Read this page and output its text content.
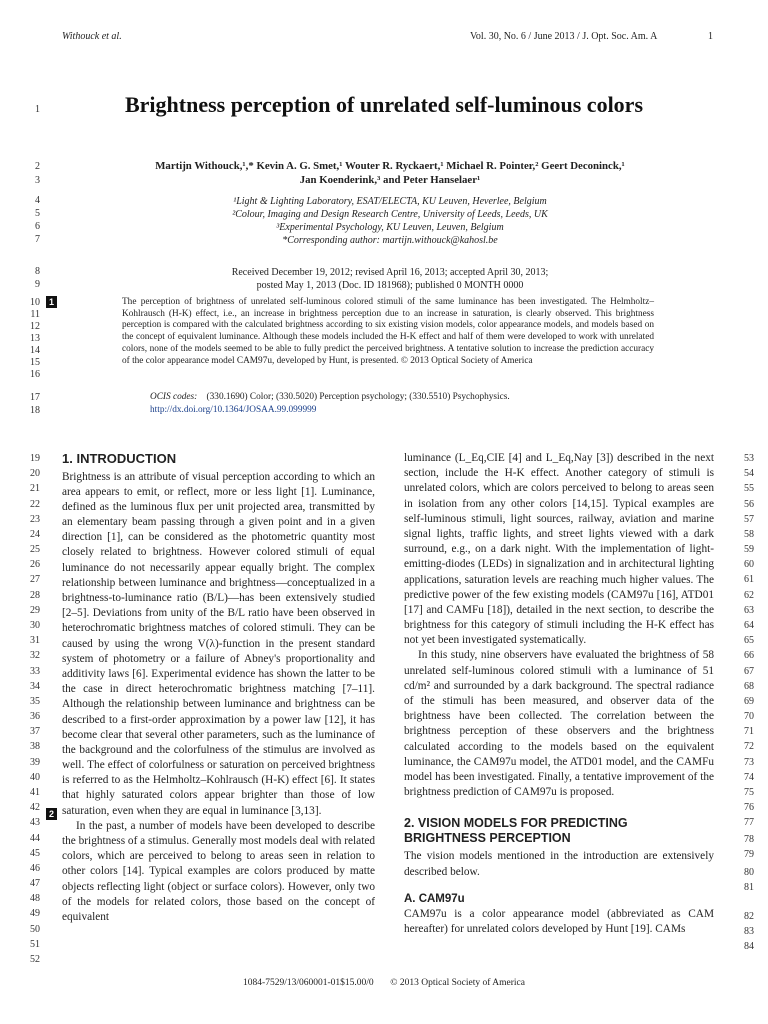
Withouck et al.	Vol. 30, No. 6 / June 2013 / J. Opt. Soc. Am. A	1
1
2
3
4
5
6
7
8
9
10
11
12
13
14
15
16
17
18
1
Brightness perception of unrelated self-luminous colors
Martijn Withouck,¹,* Kevin A. G. Smet,¹ Wouter R. Ryckaert,¹ Michael R. Pointer,² Geert Deconinck,¹
Jan Koenderink,³ and Peter Hanselaer¹
¹Light & Lighting Laboratory, ESAT/ELECTA, KU Leuven, Heverlee, Belgium
²Colour, Imaging and Design Research Centre, University of Leeds, Leeds, UK
³Experimental Psychology, KU Leuven, Leuven, Belgium
*Corresponding author: martijn.withouck@kahosl.be
Received December 19, 2012; revised April 16, 2013; accepted April 30, 2013;
posted May 1, 2013 (Doc. ID 181968); published 0 MONTH 0000
The perception of brightness of unrelated self-luminous colored stimuli of the same luminance has been investigated. The Helmholtz–Kohlrausch (H-K) effect, i.e., an increase in brightness perception due to an increase in saturation, is clearly observed. This brightness perception is compared with the calculated brightness according to six existing vision models, color appearance models, and models based on the concept of equivalent luminance. Although these models included the H-K effect and half of them were developed to work with unrelated colors, none of the models seemed to be able to fully predict the perceived brightness. A tentative solution to increase the prediction accuracy of the color appearance model CAM97u, developed by Hunt, is presented. © 2013 Optical Society of America
OCIS codes: (330.1690) Color; (330.5020) Perception psychology; (330.5510) Psychophysics.
http://dx.doi.org/10.1364/JOSAA.99.099999
19
20
21
22
23
24
25
26
27
28
29
30
31
32
33
34
35
36
37
38
39
40
41
42
43
44
45
46
47
48
49
50
51
52
53
54
55
56
57
58
59
60
61
62
63
64
65
66
67
68
69
70
71
72
73
74
75
76
77
78
79
80
81
82
83
84
2
1. INTRODUCTION

Brightness is an attribute of visual perception according to which an area appears to emit, or reflect, more or less light [1]. Luminance, defined as the luminous flux per unit projected area, transmitted by an elementary beam passing through a given point and in a given direction [1], can be considered as the photometric quantity most closely related to brightness. However colored stimuli of equal luminance do not necessarily appear equally bright. The complex relationship between luminance and brightness—conceptualized in a brightness-to-luminance ratio (B/L)—has been extensively studied [2–5]. Deviations from unity of the B/L ratio have been observed in heterochromatic brightness matches of colored stimuli. They can be caused by using the wrong V(λ)-function in the present standard system of photometry or a failure of Abney's proportionality and additivity laws [6]. Experimental evidence has shown the latter to be the case in direct heterochromatic brightness matching [7–11]. Although the relationship between luminance and brightness can be described to a first-order approximation by a power law [12], it has become clear that several other parameters, such as the luminance of the background and the colorfulness of the stimulus are involved as well. The effect of colorfulness or saturation on perceived brightness is referred to as the Helmholtz–Kohlrausch (H-K) effect [6]. It states that highly saturated colors appear brighter than those of low saturation, even when they are equal in luminance [3,13].

In the past, a number of models have been developed to describe the brightness of a stimulus. Generally most models deal with related colors, which are perceived to belong to areas seen in relation to other colors [14]. Typical examples are colors produced by matte objects reflecting light (object or surface colors). However, only two of the models for related colors, those based on the concept of equivalent

luminance (L_Eq,CIE [4] and L_Eq,Nay [3]) described in the next section, include the H-K effect. Another category of stimuli is unrelated colors, which are colors perceived to belong to areas seen in isolation from any other colors [14,15]. Typical examples are self-luminous stimuli, light sources, railway, aviation and marine signal lights, traffic lights, and street lights viewed with a dark surround, e.g., on a dark night. With the implementation of light-emitting-diodes (LEDs) in signalization and in architectural lighting applications, saturation levels are reaching much higher values. The predictive power of the few existing models (CAM97u [16], ATD01 [17] and CAMFu [18]), detailed in the next section, to describe the brightness for this category of stimuli including the H-K effect has not yet been investigated systematically.

In this study, nine observers have evaluated the brightness of 58 unrelated self-luminous colored stimuli with a luminance of 51 cd/m² and surrounded by a dark background. The spectral radiance of the stimuli has been measured, and observer data of the brightness have been collected. The correlation between the brightness perception of these observers and the brightness calculated according to the models based on the equivalent luminance, the CAM97u model, the ATD01 model, and the CAMFu model has been investigated. Finally, a tentative improvement of the brightness prediction of CAM97u is proposed.

2. VISION MODELS FOR PREDICTING
BRIGHTNESS PERCEPTION

The vision models mentioned in the introduction are extensively described below.

A. CAM97u

CAM97u is a color appearance model (abbreviated as CAM hereafter) for unrelated colors developed by Hunt [19]. CAMs

1084-7529/13/060001-01$15.00/0 © 2013 Optical Society of America
